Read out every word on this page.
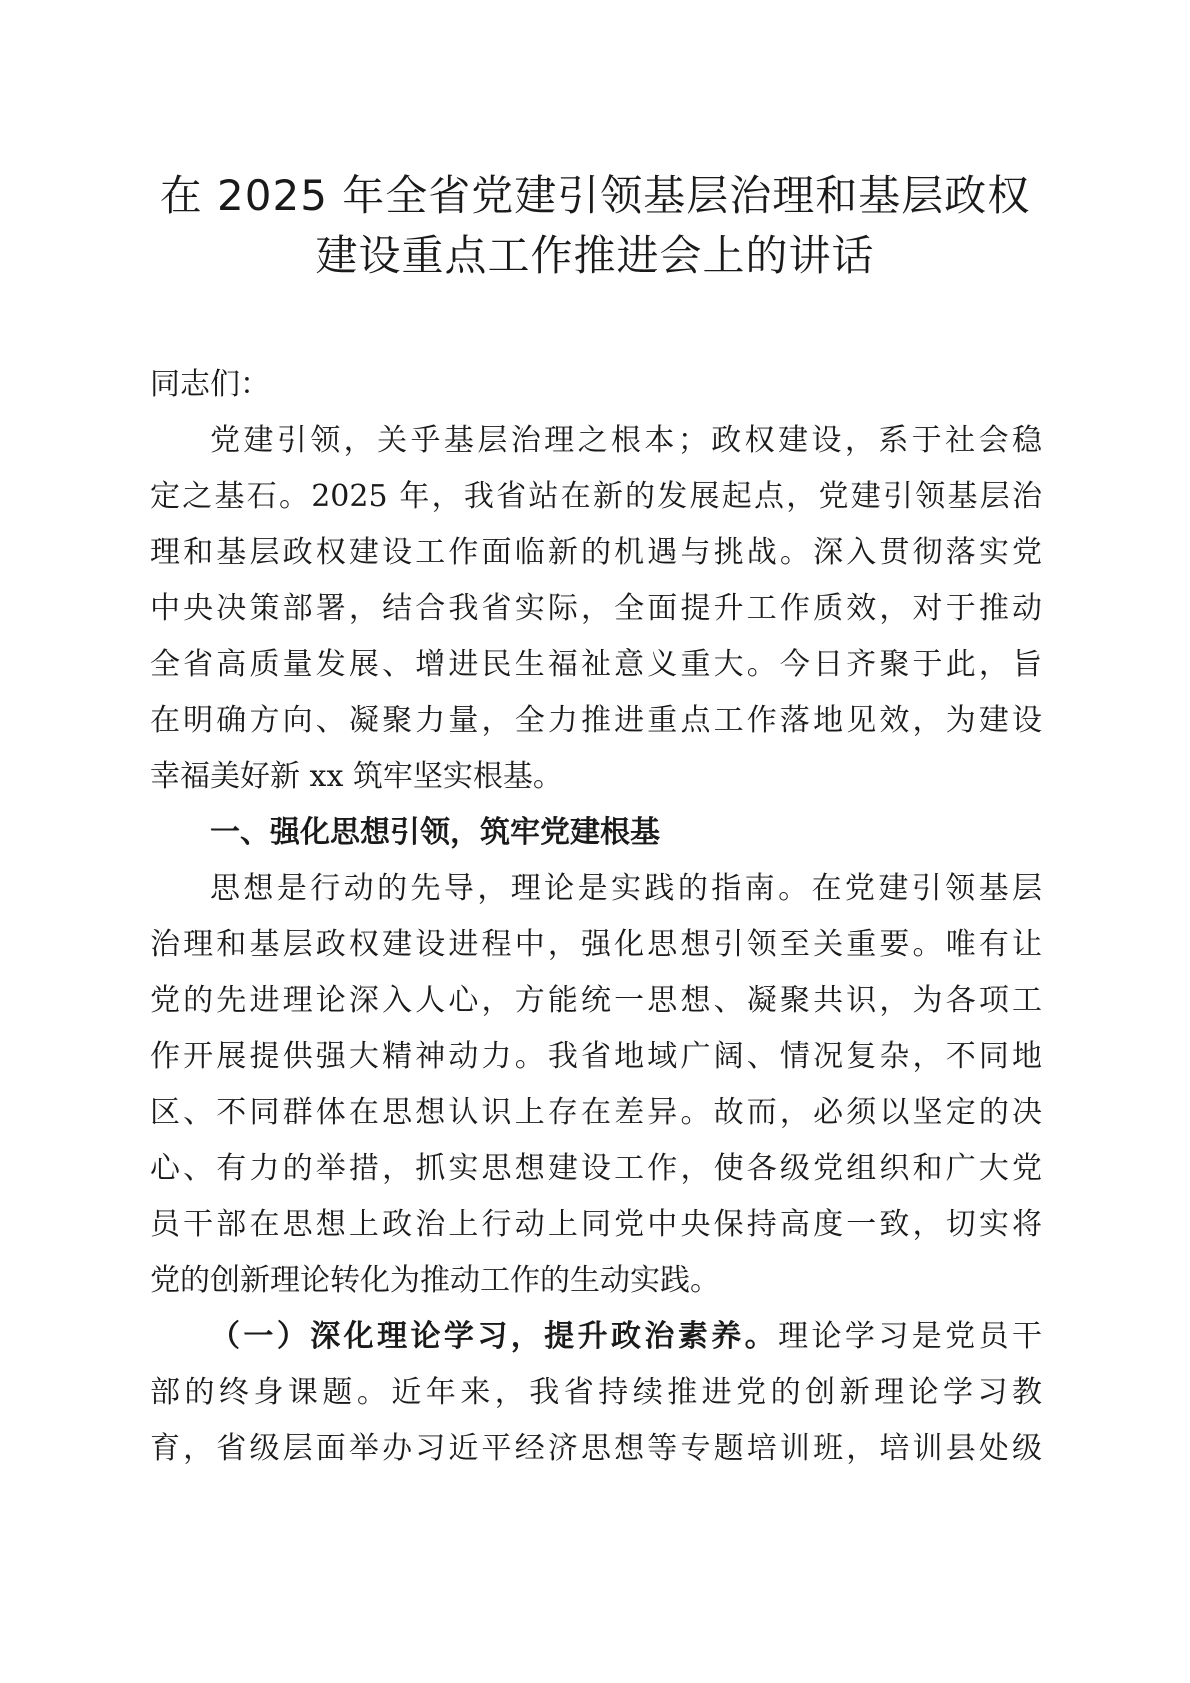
在 2025 年全省党建引领基层治理和基层政权
建设重点工作推进会上的讲话
同志们：
党建引领，关乎基层治理之根本；政权建设，系于社会稳
定之基石。2025 年，我省站在新的发展起点，党建引领基层治
理和基层政权建设工作面临新的机遇与挑战。深入贯彻落实党
中央决策部署，结合我省实际，全面提升工作质效，对于推动
全省高质量发展、增进民生福祉意义重大。今日齐聚于此，旨
在明确方向、凝聚力量，全力推进重点工作落地见效，为建设
幸福美好新 xx 筑牢坚实根基。
一、强化思想引领，筑牢党建根基
思想是行动的先导，理论是实践的指南。在党建引领基层
治理和基层政权建设进程中，强化思想引领至关重要。唯有让
党的先进理论深入人心，方能统一思想、凝聚共识，为各项工
作开展提供强大精神动力。我省地域广阔、情况复杂，不同地
区、不同群体在思想认识上存在差异。故而，必须以坚定的决
心、有力的举措，抓实思想建设工作，使各级党组织和广大党
员干部在思想上政治上行动上同党中央保持高度一致，切实将
党的创新理论转化为推动工作的生动实践。
（一）深化理论学习，提升政治素养。理论学习是党员干
部的终身课题。近年来，我省持续推进党的创新理论学习教
育，省级层面举办习近平经济思想等专题培训班，培训县处级
